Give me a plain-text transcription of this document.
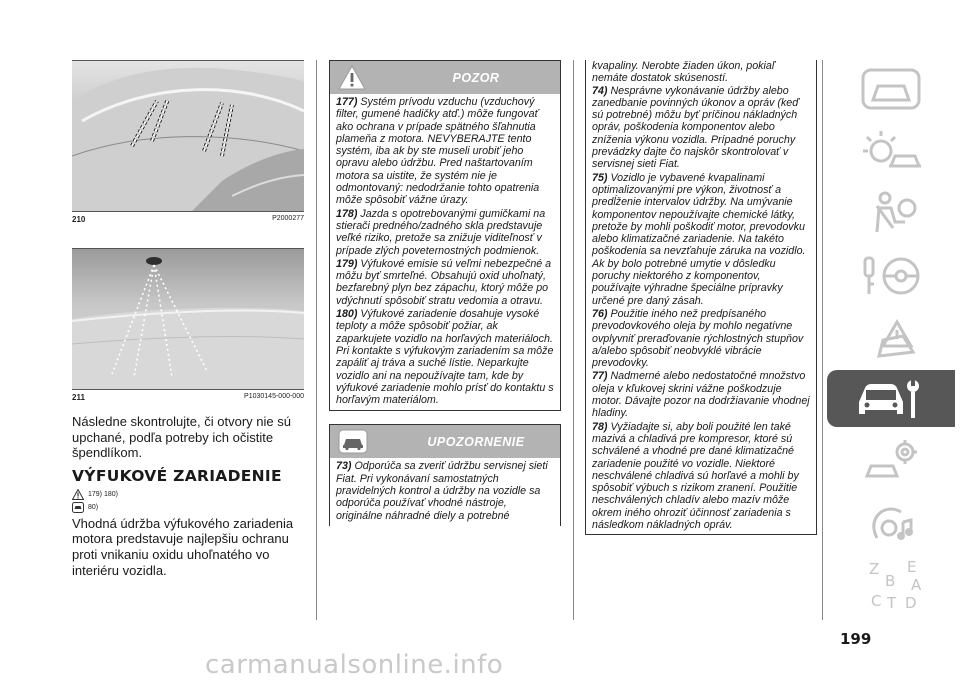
210	P2000277
211	P1030145-000-000

Následne skontrolujte, či otvory nie sú upchané, podľa potreby ich očistite špendlíkom.

VÝFUKOVÉ ZARIADENIE
179) 180)
80)

Vhodná údržba výfukového zariadenia motora predstavuje najlepšiu ochranu proti vnikaniu oxidu uhoľnatého vo interiéru vozidla.

POZOR

177) Systém prívodu vzduchu (vzduchový filter, gumené hadičky atď.) môže fungovať ako ochrana v prípade spätného šľahnutia plameňa z motora. NEVYBERAJTE tento systém, iba ak by ste museli urobiť jeho opravu alebo údržbu. Pred naštartovaním motora sa uistite, že systém nie je odmontovaný: nedodržanie tohto opatrenia môže spôsobiť vážne úrazy.

178) Jazda s opotrebovanými gumičkami na stierači predného/zadného skla predstavuje veľké riziko, pretože sa znižuje viditeľnosť v prípade zlých poveternostných podmienok.

179) Výfukové emisie sú veľmi nebezpečné a môžu byť smrteľné. Obsahujú oxid uhoľnatý, bezfarebný plyn bez zápachu, ktorý môže po vdýchnutí spôsobiť stratu vedomia a otravu.

180) Výfukové zariadenie dosahuje vysoké teploty a môže spôsobiť požiar, ak zaparkujete vozidlo na horľavých materiáloch. Pri kontakte s výfukovým zariadením sa môže zapáliť aj tráva a suché lístie. Neparkujte vozidlo ani na nepoužívajte tam, kde by výfukové zariadenie mohlo prísť do kontaktu s horľavým materiálom.

UPOZORNENIE

73) Odporúča sa zveriť údržbu servisnej sieti Fiat. Pri vykonávaní samostatných pravidelných kontrol a údržby na vozidle sa odporúča používať vhodné nástroje, originálne náhradné diely a potrebné

kvapaliny. Nerobte žiaden úkon, pokiaľ nemáte dostatok skúseností.

74) Nesprávne vykonávanie údržby alebo zanedbanie povinných úkonov a opráv (keď sú potrebné) môžu byť príčinou nákladných opráv, poškodenia komponentov alebo zníženia výkonu vozidla. Prípadné poruchy prevádzky dajte čo najskôr skontrolovať v servisnej sieti Fiat.

75) Vozidlo je vybavené kvapalinami optimalizovanými pre výkon, životnosť a predĺženie intervalov údržby. Na umývanie komponentov nepoužívajte chemické látky, pretože by mohli poškodiť motor, prevodovku alebo klimatizačné zariadenie. Na takéto poškodenia sa nevzťahuje záruka na vozidlo. Ak by bolo potrebné umytie v dôsledku poruchy niektorého z komponentov, používajte výhradne špeciálne prípravky určené pre daný zásah.

76) Použitie iného než predpísaného prevodovkového oleja by mohlo negatívne ovplyvniť preraďovanie rýchlostných stupňov a/alebo spôsobiť neobvyklé vibrácie prevodovky.

77) Nadmerné alebo nedostatočné množstvo oleja v kľukovej skrini vážne poškodzuje motor. Dávajte pozor na dodržiavanie vhodnej hladiny.

78) Vyžiadajte si, aby boli použité len také mazivá a chladivá pre kompresor, ktoré sú schválené a vhodné pre dané klimatizačné zariadenie použité vo vozidle. Niektoré neschválené chladivá sú horľavé a mohli by spôsobiť výbuch s rizikom zranení. Použitie neschválených chladív alebo mazív môže okrem iného ohroziť účinnosť zariadenia s následkom nákladných opráv.

Z E
B A
C T D
199
carmanualsonline.info
